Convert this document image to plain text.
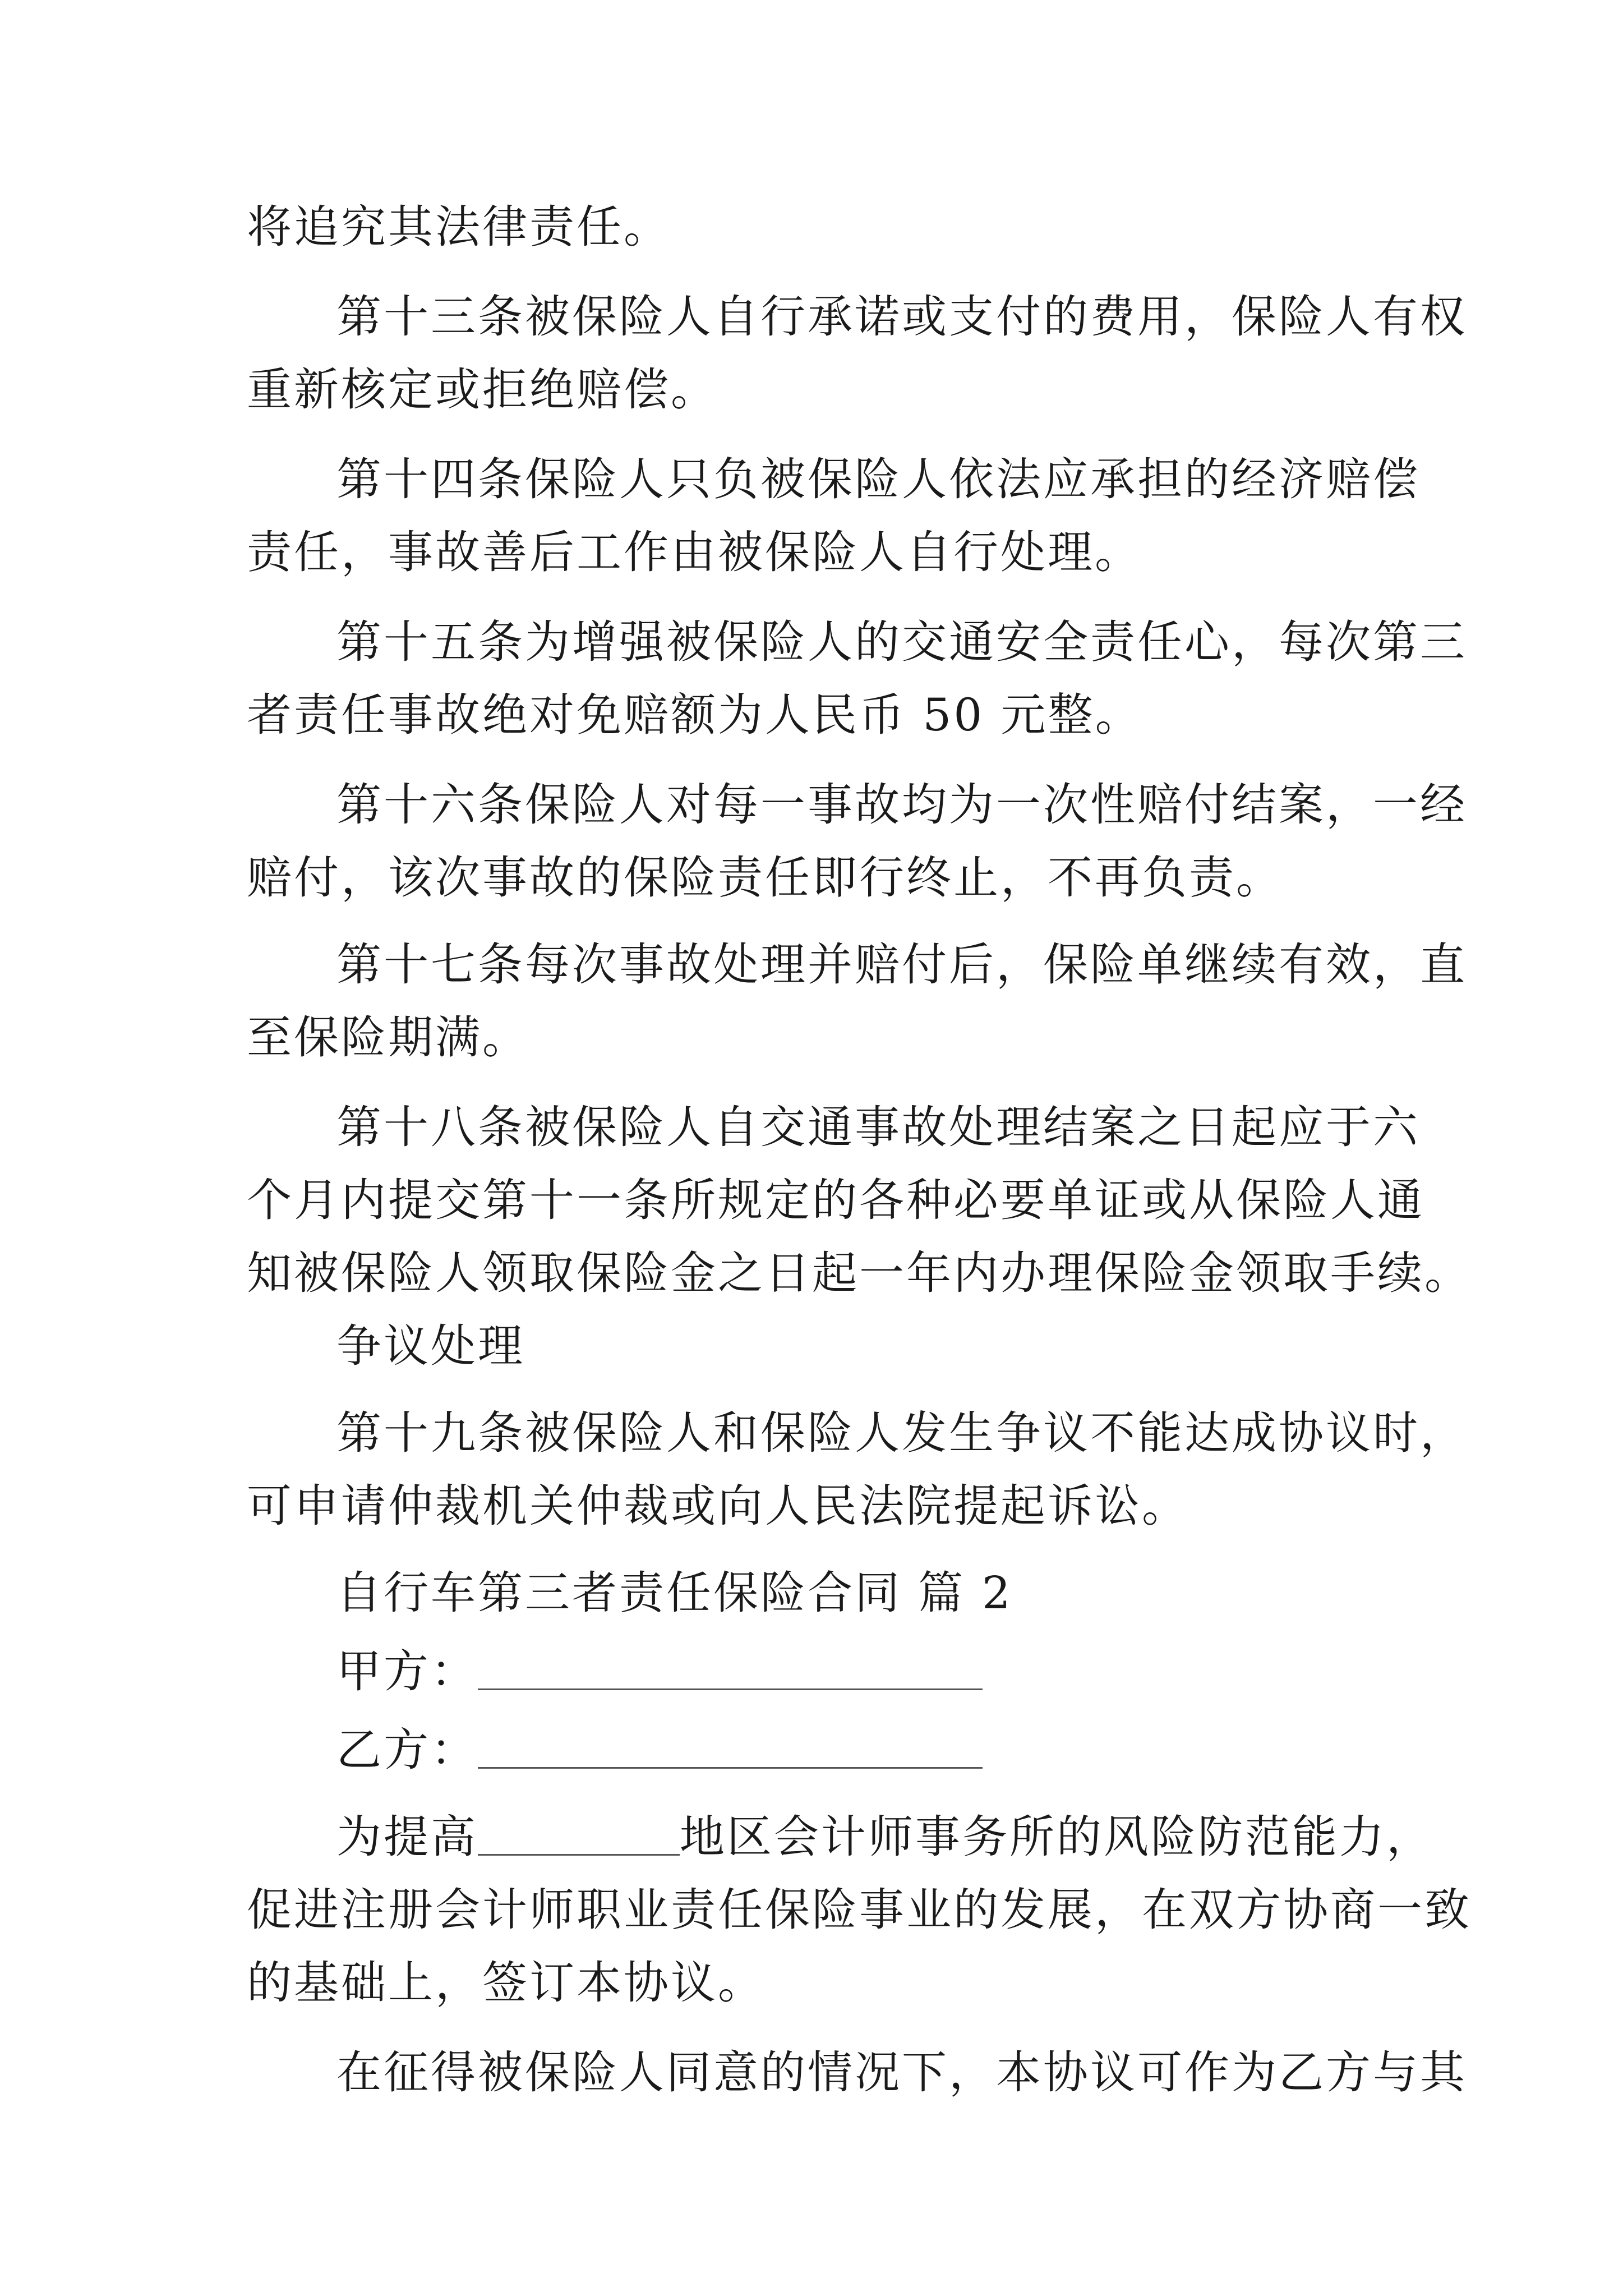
将追究其法律责任。
第十三条被保险人自行承诺或支付的费用，保险人有权
重新核定或拒绝赔偿。
第十四条保险人只负被保险人依法应承担的经济赔偿
责任，事故善后工作由被保险人自行处理。
第十五条为增强被保险人的交通安全责任心，每次第三
者责任事故绝对免赔额为人民币 50 元整。
第十六条保险人对每一事故均为一次性赔付结案，一经
赔付，该次事故的保险责任即行终止，不再负责。
第十七条每次事故处理并赔付后，保险单继续有效，直
至保险期满。
第十八条被保险人自交通事故处理结案之日起应于六
个月内提交第十一条所规定的各种必要单证或从保险人通
知被保险人领取保险金之日起一年内办理保险金领取手续。
争议处理
第十九条被保险人和保险人发生争议不能达成协议时，
可申请仲裁机关仲裁或向人民法院提起诉讼。
自行车第三者责任保险合同 篇 2
甲方：
乙方：
为提高	地区会计师事务所的风险防范能力，
促进注册会计师职业责任保险事业的发展，在双方协商一致
的基础上，签订本协议。
在征得被保险人同意的情况下，本协议可作为乙方与其
